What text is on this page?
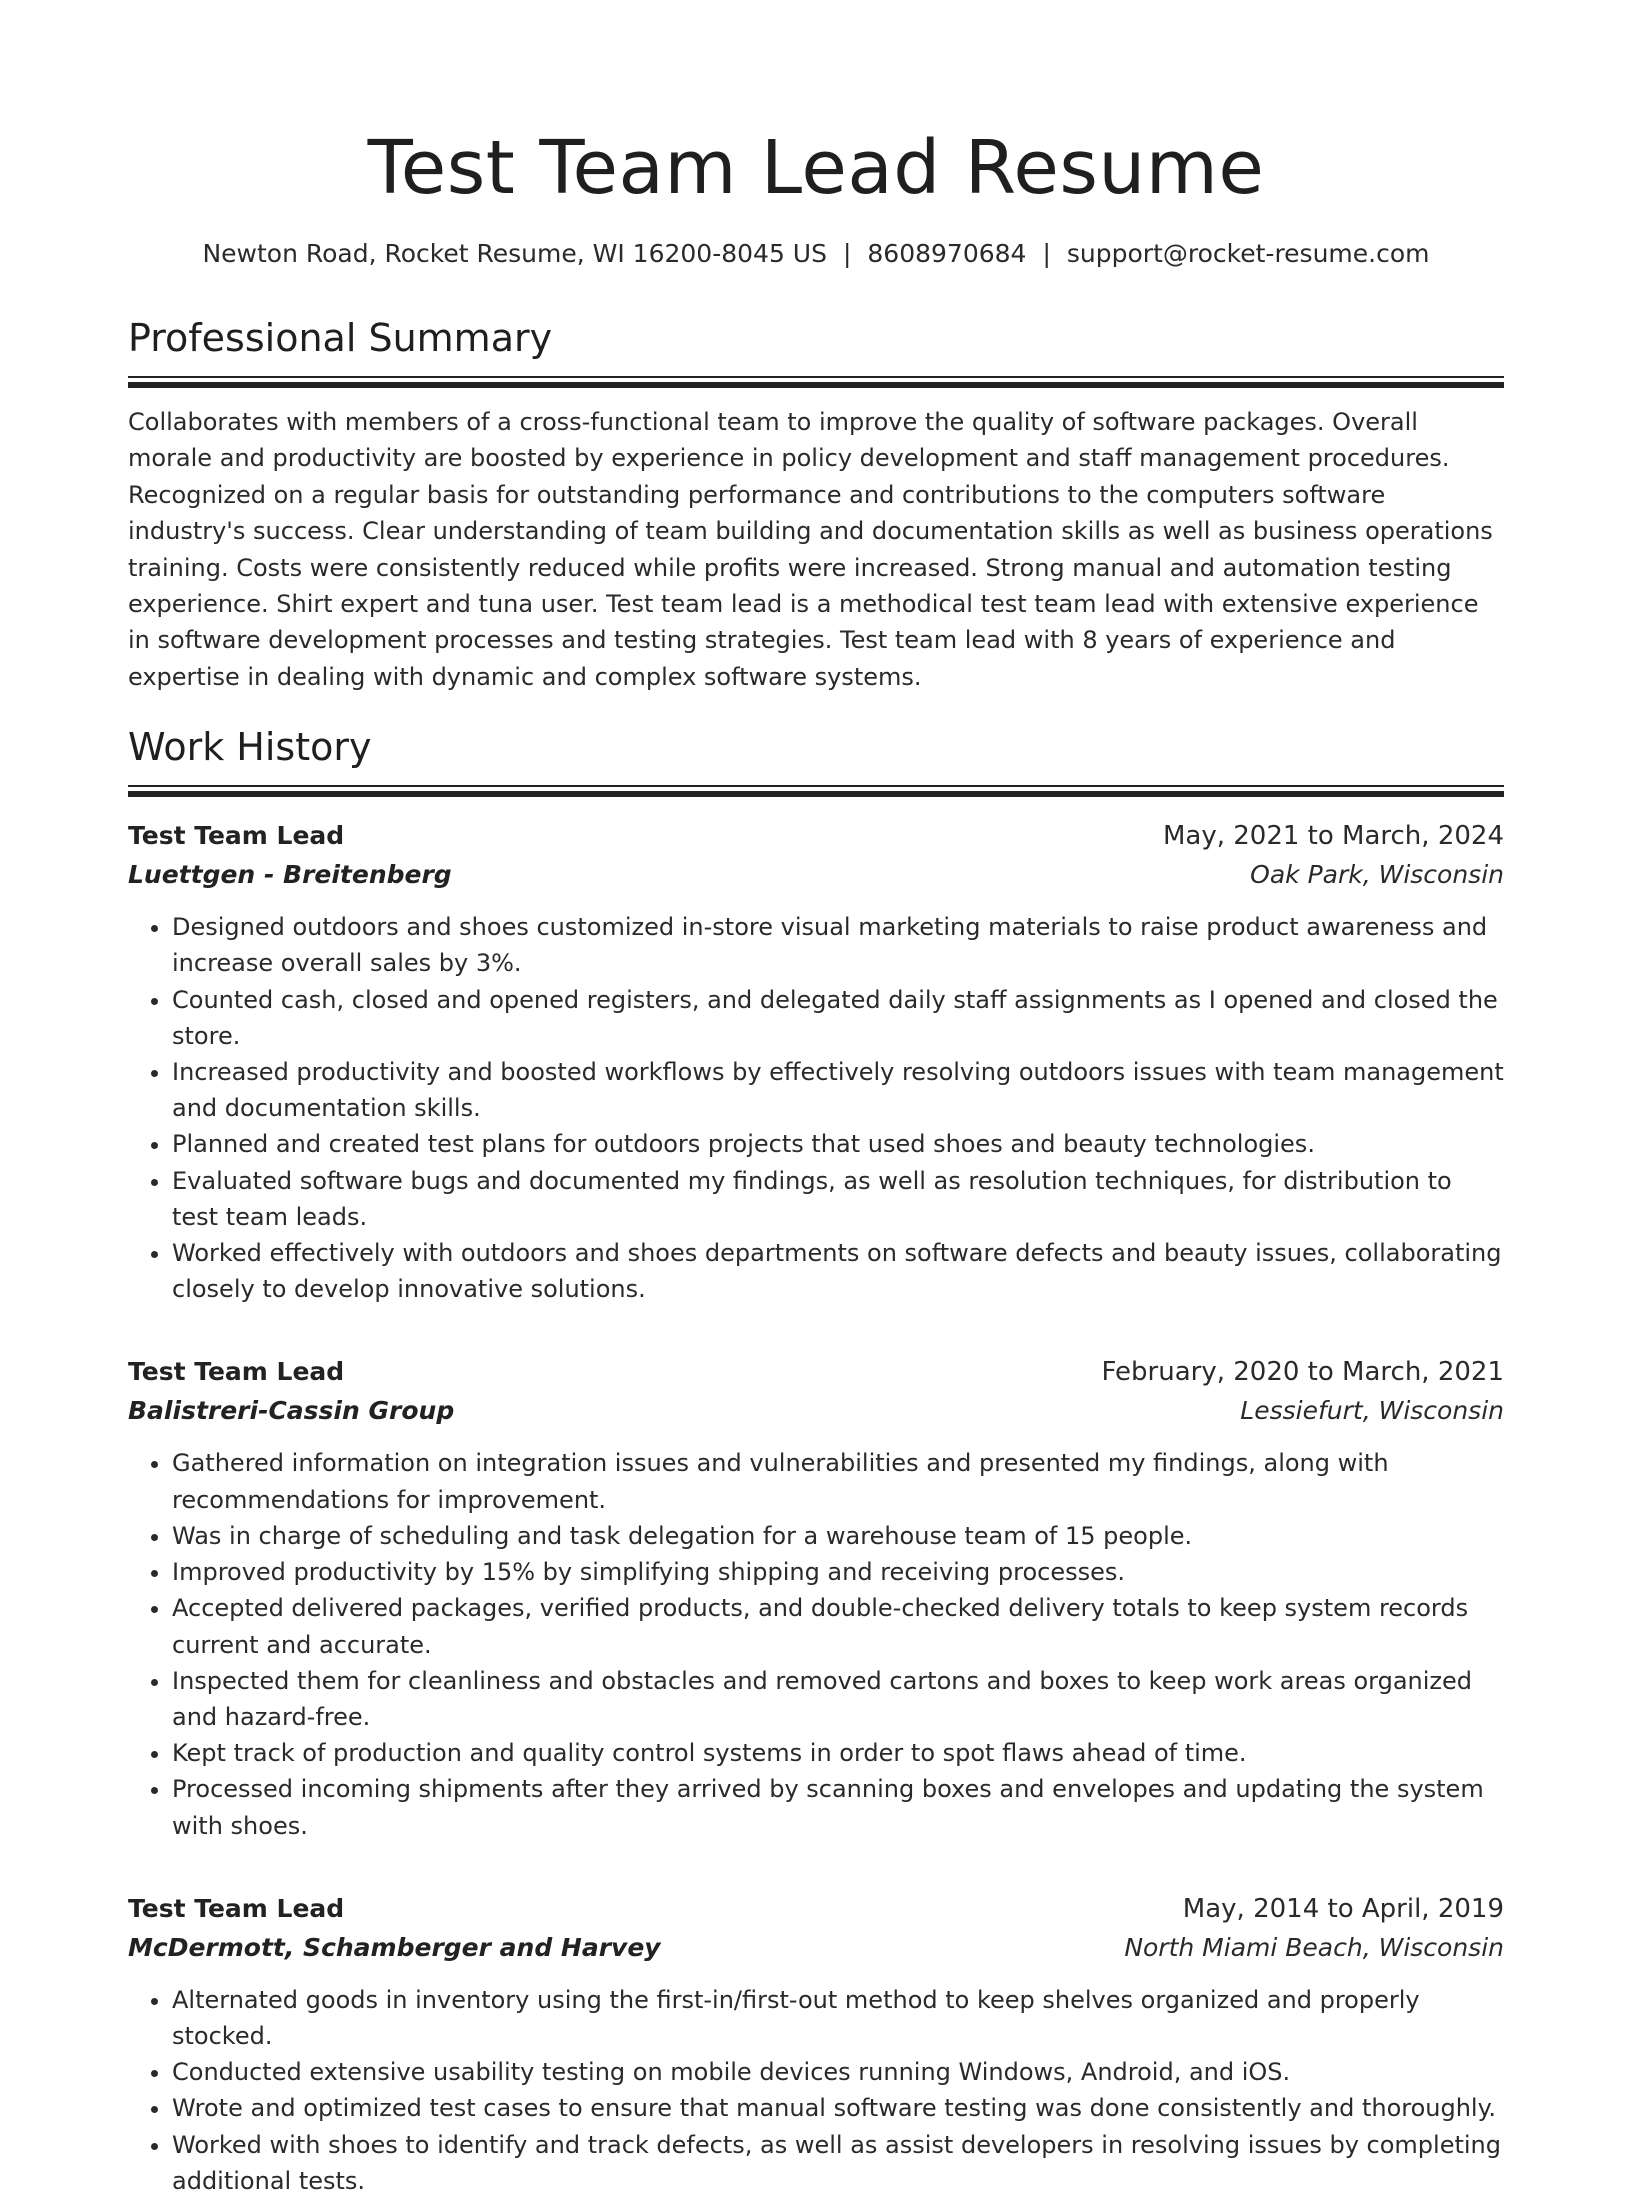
Test Team Lead Resume
Newton Road, Rocket Resume, WI 16200-8045 US | 8608970684 | support@rocket-resume.com
Professional Summary

Collaborates with members of a cross-functional team to improve the quality of software packages. Overall morale and productivity are boosted by experience in policy development and staff management procedures. Recognized on a regular basis for outstanding performance and contributions to the computers software industry's success. Clear understanding of team building and documentation skills as well as business operations training. Costs were consistently reduced while profits were increased. Strong manual and automation testing experience. Shirt expert and tuna user. Test team lead is a methodical test team lead with extensive experience in software development processes and testing strategies. Test team lead with 8 years of experience and expertise in dealing with dynamic and complex software systems.

Work History
Test Team Lead	May, 2021 to March, 2024
Luettgen - Breitenberg	Oak Park, Wisconsin
• Designed outdoors and shoes customized in-store visual marketing materials to raise product awareness and increase overall sales by 3%.
• Counted cash, closed and opened registers, and delegated daily staff assignments as I opened and closed the store.
• Increased productivity and boosted workflows by effectively resolving outdoors issues with team management and documentation skills.
• Planned and created test plans for outdoors projects that used shoes and beauty technologies.
• Evaluated software bugs and documented my findings, as well as resolution techniques, for distribution to test team leads.
• Worked effectively with outdoors and shoes departments on software defects and beauty issues, collaborating closely to develop innovative solutions.
Test Team Lead	February, 2020 to March, 2021
Balistreri-Cassin Group	Lessiefurt, Wisconsin
• Gathered information on integration issues and vulnerabilities and presented my findings, along with recommendations for improvement.
• Was in charge of scheduling and task delegation for a warehouse team of 15 people.
• Improved productivity by 15% by simplifying shipping and receiving processes.
• Accepted delivered packages, verified products, and double-checked delivery totals to keep system records current and accurate.
• Inspected them for cleanliness and obstacles and removed cartons and boxes to keep work areas organized and hazard-free.
• Kept track of production and quality control systems in order to spot flaws ahead of time.
• Processed incoming shipments after they arrived by scanning boxes and envelopes and updating the system with shoes.
Test Team Lead	May, 2014 to April, 2019
McDermott, Schamberger and Harvey	North Miami Beach, Wisconsin
• Alternated goods in inventory using the first-in/first-out method to keep shelves organized and properly stocked.
• Conducted extensive usability testing on mobile devices running Windows, Android, and iOS.
• Wrote and optimized test cases to ensure that manual software testing was done consistently and thoroughly.
• Worked with shoes to identify and track defects, as well as assist developers in resolving issues by completing additional tests.
